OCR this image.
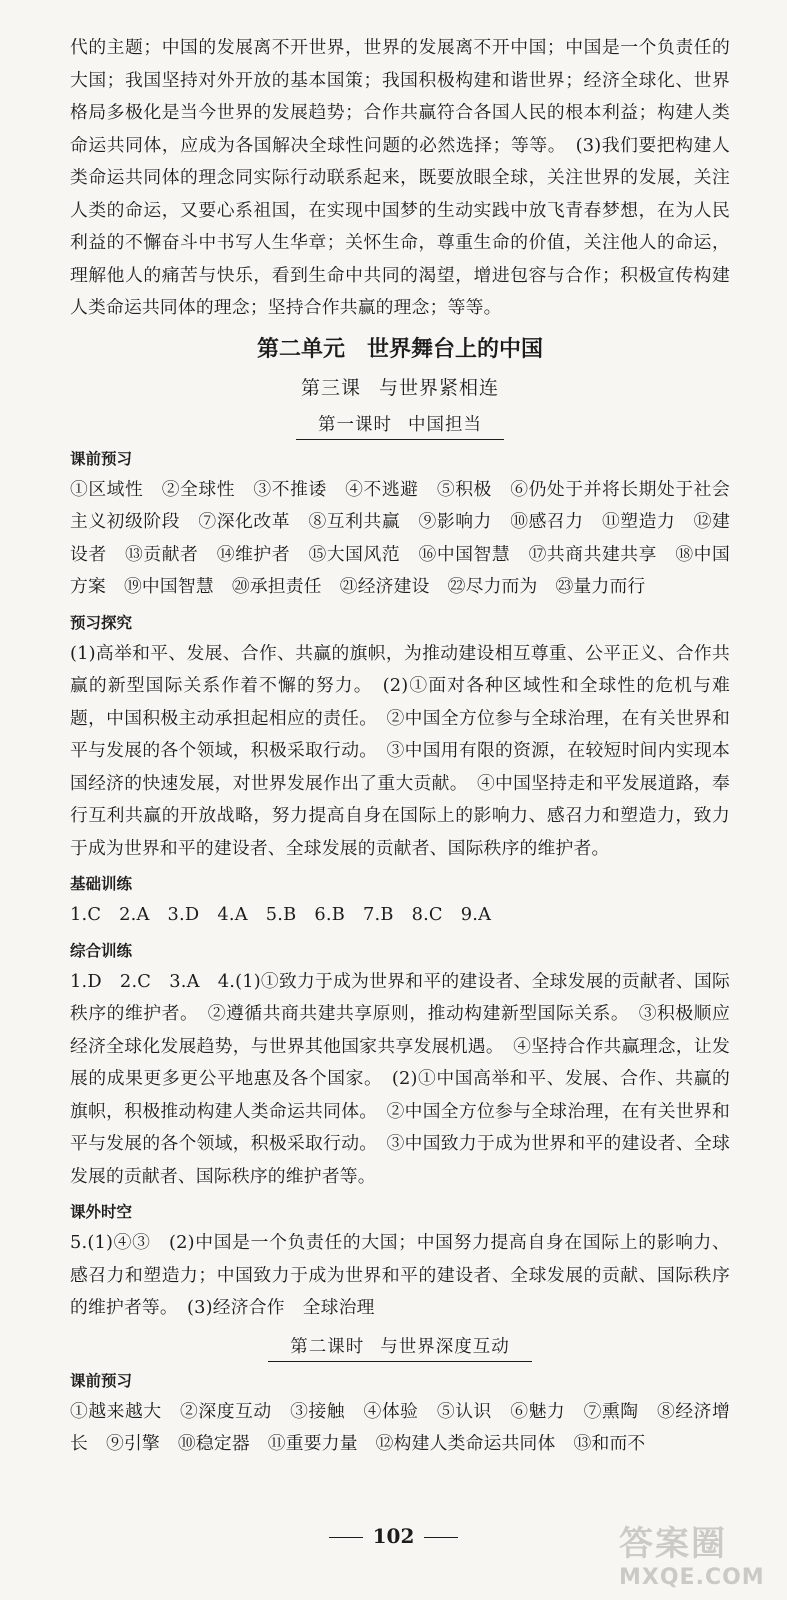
代的主题；中国的发展离不开世界，世界的发展离不开中国；中国是一个负责任的大国；我国坚持对外开放的基本国策；我国积极构建和谐世界；经济全球化、世界格局多极化是当今世界的发展趋势；合作共赢符合各国人民的根本利益；构建人类命运共同体，应成为各国解决全球性问题的必然选择；等等。　(3)我们要把构建人类命运共同体的理念同实际行动联系起来，既要放眼全球，关注世界的发展，关注人类的命运，又要心系祖国，在实现中国梦的生动实践中放飞青春梦想，在为人民利益的不懈奋斗中书写人生华章；关怀生命，尊重生命的价值，关注他人的命运，理解他人的痛苦与快乐，看到生命中共同的渴望，增进包容与合作；积极宣传构建人类命运共同体的理念；坚持合作共赢的理念；等等。

第二单元 世界舞台上的中国
第三课 与世界紧相连
第一课时 中国担当
课前预习

①区域性　②全球性　③不推诿　④不逃避　⑤积极　⑥仍处于并将长期处于社会主义初级阶段　⑦深化改革　⑧互利共赢　⑨影响力　⑩感召力　⑪塑造力　⑫建设者　⑬贡献者　⑭维护者　⑮大国风范　⑯中国智慧　⑰共商共建共享　⑱中国方案　⑲中国智慧　⑳承担责任　㉑经济建设　㉒尽力而为　㉓量力而行

预习探究

(1)高举和平、发展、合作、共赢的旗帜，为推动建设相互尊重、公平正义、合作共赢的新型国际关系作着不懈的努力。　(2)①面对各种区域性和全球性的危机与难题，中国积极主动承担起相应的责任。　②中国全方位参与全球治理，在有关世界和平与发展的各个领域，积极采取行动。　③中国用有限的资源，在较短时间内实现本国经济的快速发展，对世界发展作出了重大贡献。　④中国坚持走和平发展道路，奉行互利共赢的开放战略，努力提高自身在国际上的影响力、感召力和塑造力，致力于成为世界和平的建设者、全球发展的贡献者、国际秩序的维护者。

基础训练

1.C　2.A　3.D　4.A　5.B　6.B　7.B　8.C　9.A

综合训练

1.D　2.C　3.A　4.(1)①致力于成为世界和平的建设者、全球发展的贡献者、国际秩序的维护者。　②遵循共商共建共享原则，推动构建新型国际关系。　③积极顺应经济全球化发展趋势，与世界其他国家共享发展机遇。　④坚持合作共赢理念，让发展的成果更多更公平地惠及各个国家。　(2)①中国高举和平、发展、合作、共赢的旗帜，积极推动构建人类命运共同体。　②中国全方位参与全球治理，在有关世界和平与发展的各个领域，积极采取行动。　③中国致力于成为世界和平的建设者、全球发展的贡献者、国际秩序的维护者等。

课外时空

5.(1)④③　(2)中国是一个负责任的大国；中国努力提高自身在国际上的影响力、感召力和塑造力；中国致力于成为世界和平的建设者、全球发展的贡献、国际秩序的维护者等。　(3)经济合作　全球治理

第二课时 与世界深度互动
课前预习

①越来越大　②深度互动　③接触　④体验　⑤认识　⑥魅力　⑦熏陶　⑧经济增长　⑨引擎　⑩稳定器　⑪重要力量　⑫构建人类命运共同体　⑬和而不

102	答案圈
MXQE.COM
